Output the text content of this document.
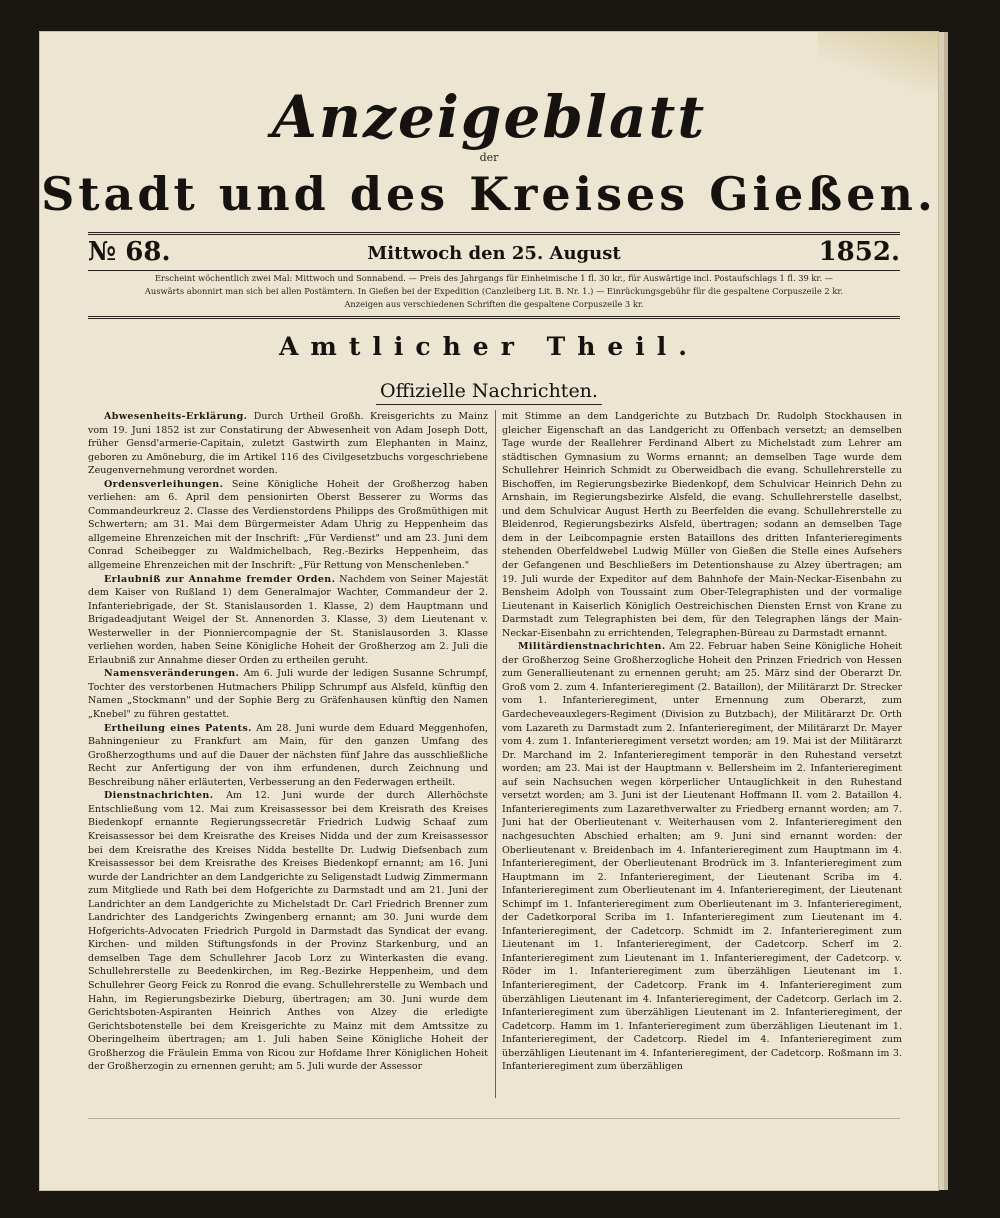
Anzeigeblatt
der
Stadt und des Kreises Gießen.
№ 68.	Mittwoch den 25. August	1852.
Erscheint wöchentlich zwei Mal: Mittwoch und Sonnabend. — Preis des Jahrgangs für Einheimische 1 fl. 30 kr., für Auswärtige incl. Postaufschlags 1 fl. 39 kr. —
Auswärts abonnirt man sich bei allen Postämtern. In Gießen bei der Expedition (Canzleiberg Lit. B. Nr. 1.) — Einrückungsgebühr für die gespaltene Corpuszeile 2 kr.
Anzeigen aus verschiedenen Schriften die gespaltene Corpuszeile 3 kr.
Amtlicher Theil.
Offizielle Nachrichten.

Abwesenheits-Erklärung. Durch Urtheil Großh. Kreisgerichts zu Mainz vom 19. Juni 1852 ist zur Constatirung der Abwesenheit von Adam Joseph Dott, früher Gensd'armerie-Capitain, zuletzt Gastwirth zum Elephanten in Mainz, geboren zu Amöneburg, die im Artikel 116 des Civilgesetzbuchs vorgeschriebene Zeugenvernehmung verordnet worden.

Ordensverleihungen. Seine Königliche Hoheit der Großherzog haben verliehen: am 6. April dem pensionirten Oberst Besserer zu Worms das Commandeurkreuz 2. Classe des Verdienstordens Philipps des Großmüthigen mit Schwertern; am 31. Mai dem Bürgermeister Adam Uhrig zu Heppenheim das allgemeine Ehrenzeichen mit der Inschrift: „Für Verdienst" und am 23. Juni dem Conrad Scheibegger zu Waldmichelbach, Reg.-Bezirks Heppenheim, das allgemeine Ehrenzeichen mit der Inschrift: „Für Rettung von Menschenleben."

Erlaubniß zur Annahme fremder Orden. Nachdem von Seiner Majestät dem Kaiser von Rußland 1) dem Generalmajor Wachter, Commandeur der 2. Infanteriebrigade, der St. Stanislausorden 1. Klasse, 2) dem Hauptmann und Brigadeadjutant Weigel der St. Annenorden 3. Klasse, 3) dem Lieutenant v. Westerweller in der Pionniercompagnie der St. Stanislausorden 3. Klasse verliehen worden, haben Seine Königliche Hoheit der Großherzog am 2. Juli die Erlaubniß zur Annahme dieser Orden zu ertheilen geruht.

Namensveränderungen. Am 6. Juli wurde der ledigen Susanne Schrumpf, Tochter des verstorbenen Hutmachers Philipp Schrumpf aus Alsfeld, künftig den Namen „Stockmann" und der Sophie Berg zu Gräfenhausen künftig den Namen „Knebel" zu führen gestattet.

Ertheilung eines Patents. Am 28. Juni wurde dem Eduard Meggenhofen, Bahningenieur zu Frankfurt am Main, für den ganzen Umfang des Großherzogthums und auf die Dauer der nächsten fünf Jahre das ausschließliche Recht zur Anfertigung der von ihm erfundenen, durch Zeichnung und Beschreibung näher erläuterten, Verbesserung an den Federwagen ertheilt.

Dienstnachrichten. Am 12. Juni wurde der durch Allerhöchste Entschließung vom 12. Mai zum Kreisassessor bei dem Kreisrath des Kreises Biedenkopf ernannte Regierungssecretär Friedrich Ludwig Schaaf zum Kreisassessor bei dem Kreisrathe des Kreises Nidda und der zum Kreisassessor bei dem Kreisrathe des Kreises Nidda bestellte Dr. Ludwig Diefsenbach zum Kreisassessor bei dem Kreisrathe des Kreises Biedenkopf ernannt; am 16. Juni wurde der Landrichter an dem Landgerichte zu Seligenstadt Ludwig Zimmermann zum Mitgliede und Rath bei dem Hofgerichte zu Darmstadt und am 21. Juni der Landrichter an dem Landgerichte zu Michelstadt Dr. Carl Friedrich Brenner zum Landrichter des Landgerichts Zwingenberg ernannt; am 30. Juni wurde dem Hofgerichts-Advocaten Friedrich Purgold in Darmstadt das Syndicat der evang. Kirchen- und milden Stiftungsfonds in der Provinz Starkenburg, und an demselben Tage dem Schullehrer Jacob Lorz zu Winterkasten die evang. Schullehrerstelle zu Beedenkirchen, im Reg.-Bezirke Heppenheim, und dem Schullehrer Georg Feick zu Ronrod die evang. Schullehrerstelle zu Wembach und Hahn, im Regierungsbezirke Dieburg, übertragen; am 30. Juni wurde dem Gerichtsboten-Aspiranten Heinrich Anthes von Alzey die erledigte Gerichtsbotenstelle bei dem Kreisgerichte zu Mainz mit dem Amtssitze zu Oberingelheim übertragen; am 1. Juli haben Seine Königliche Hoheit der Großherzog die Fräulein Emma von Ricou zur Hofdame Ihrer Königlichen Hoheit der Großherzogin zu ernennen geruht; am 5. Juli wurde der Assessor

mit Stimme an dem Landgerichte zu Butzbach Dr. Rudolph Stockhausen in gleicher Eigenschaft an das Landgericht zu Offenbach versetzt; an demselben Tage wurde der Reallehrer Ferdinand Albert zu Michelstadt zum Lehrer am städtischen Gymnasium zu Worms ernannt; an demselben Tage wurde dem Schullehrer Heinrich Schmidt zu Oberweidbach die evang. Schullehrerstelle zu Bischoffen, im Regierungsbezirke Biedenkopf, dem Schulvicar Heinrich Dehn zu Arnshain, im Regierungsbezirke Alsfeld, die evang. Schullehrerstelle daselbst, und dem Schulvicar August Herth zu Beerfelden die evang. Schullehrerstelle zu Bleidenrod, Regierungsbezirks Alsfeld, übertragen; sodann an demselben Tage dem in der Leibcompagnie ersten Bataillons des dritten Infanterieregiments stehenden Oberfeldwebel Ludwig Müller von Gießen die Stelle eines Aufsehers der Gefangenen und Beschließers im Detentionshause zu Alzey übertragen; am 19. Juli wurde der Expeditor auf dem Bahnhofe der Main-Neckar-Eisenbahn zu Bensheim Adolph von Toussaint zum Ober-Telegraphisten und der vormalige Lieutenant in Kaiserlich Königlich Oestreichischen Diensten Ernst von Krane zu Darmstadt zum Telegraphisten bei dem, für den Telegraphen längs der Main-Neckar-Eisenbahn zu errichtenden, Telegraphen-Büreau zu Darmstadt ernannt.

Militärdienstnachrichten. Am 22. Februar haben Seine Königliche Hoheit der Großherzog Seine Großherzogliche Hoheit den Prinzen Friedrich von Hessen zum Generallieutenant zu ernennen geruht; am 25. März sind der Oberarzt Dr. Groß vom 2. zum 4. Infanterieregiment (2. Bataillon), der Militärarzt Dr. Strecker vom 1. Infanterieregiment, unter Ernennung zum Oberarzt, zum Gardecheveauxlegers-Regiment (Division zu Butzbach), der Militärarzt Dr. Orth vom Lazareth zu Darmstadt zum 2. Infanterieregiment, der Militärarzt Dr. Mayer vom 4. zum 1. Infanterieregiment versetzt worden; am 19. Mai ist der Militärarzt Dr. Marchand im 2. Infanterieregiment temporär in den Ruhestand versetzt worden; am 23. Mai ist der Hauptmann v. Bellersheim im 2. Infanterieregiment auf sein Nachsuchen wegen körperlicher Untauglichkeit in den Ruhestand versetzt worden; am 3. Juni ist der Lieutenant Hoffmann II. vom 2. Bataillon 4. Infanterieregiments zum Lazarethverwalter zu Friedberg ernannt worden; am 7. Juni hat der Oberlieutenant v. Weiterhausen vom 2. Infanterieregiment den nachgesuchten Abschied erhalten; am 9. Juni sind ernannt worden: der Oberlieutenant v. Breidenbach im 4. Infanterieregiment zum Hauptmann im 4. Infanterieregiment, der Oberlieutenant Brodrück im 3. Infanterieregiment zum Hauptmann im 2. Infanterieregiment, der Lieutenant Scriba im 4. Infanterieregiment zum Oberlieutenant im 4. Infanterieregiment, der Lieutenant Schimpf im 1. Infanterieregiment zum Oberlieutenant im 3. Infanterieregiment, der Cadetkorporal Scriba im 1. Infanterieregiment zum Lieutenant im 4. Infanterieregiment, der Cadetcorp. Schmidt im 2. Infanterieregiment zum Lieutenant im 1. Infanterieregiment, der Cadetcorp. Scherf im 2. Infanterieregiment zum Lieutenant im 1. Infanterieregiment, der Cadetcorp. v. Röder im 1. Infanterieregiment zum überzähligen Lieutenant im 1. Infanterieregiment, der Cadetcorp. Frank im 4. Infanterieregiment zum überzähligen Lieutenant im 4. Infanterieregiment, der Cadetcorp. Gerlach im 2. Infanterieregiment zum überzähligen Lieutenant im 2. Infanterieregiment, der Cadetcorp. Hamm im 1. Infanterieregiment zum überzähligen Lieutenant im 1. Infanterieregiment, der Cadetcorp. Riedel im 4. Infanterieregiment zum überzähligen Lieutenant im 4. Infanterieregiment, der Cadetcorp. Roßmann im 3. Infanterieregiment zum überzähligen
